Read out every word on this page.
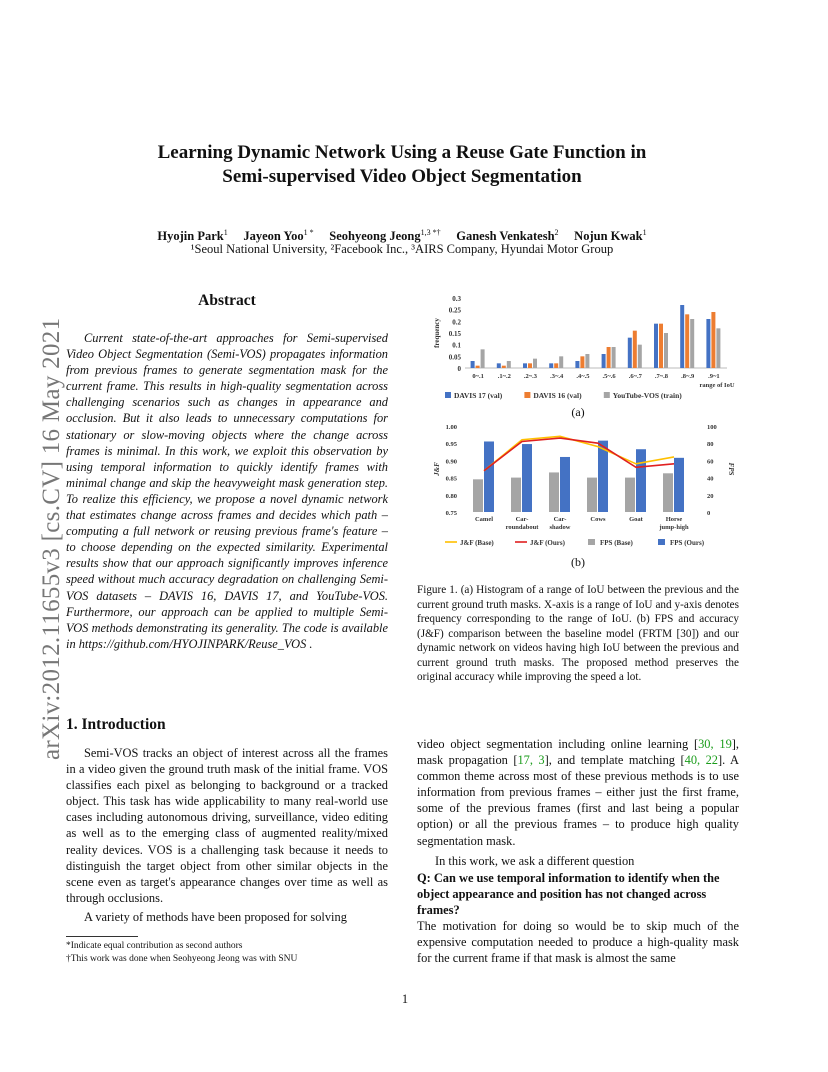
arXiv:2012.11655v3 [cs.CV] 16 May 2021
Learning Dynamic Network Using a Reuse Gate Function in
Semi-supervised Video Object Segmentation
Hyojin Park$^1$ Jayeon Yoo$^{1 *}$ Seohyeong Jeong$^{1,3 *\dagger}$ Ganesh Venkatesh$^2$ Nojun Kwak$^1$
¹Seoul National University, ²Facebook Inc., ³AIRS Company, Hyundai Motor Group
Abstract
Current state-of-the-art approaches for Semi-supervised Video Object Segmentation (Semi-VOS) propagates information from previous frames to generate segmentation mask for the current frame. This results in high-quality segmentation across challenging scenarios such as changes in appearance and occlusion. But it also leads to unnecessary computations for stationary or slow-moving objects where the change across frames is minimal. In this work, we exploit this observation by using temporal information to quickly identify frames with minimal change and skip the heavyweight mask generation step. To realize this efficiency, we propose a novel dynamic network that estimates change across frames and decides which path – computing a full network or reusing previous frame's feature – to choose depending on the expected similarity. Experimental results show that our approach significantly improves inference speed without much accuracy degradation on challenging Semi-VOS datasets – DAVIS 16, DAVIS 17, and YouTube-VOS. Furthermore, our approach can be applied to multiple Semi-VOS methods demonstrating its generality. The code is available in https://github.com/HYOJINPARK/Reuse_VOS .
1. Introduction
Semi-VOS tracks an object of interest across all the frames in a video given the ground truth mask of the initial frame. VOS classifies each pixel as belonging to background or a tracked object. This task has wide applicability to many real-world use cases including autonomous driving, surveillance, video editing as well as to the emerging class of augmented reality/mixed reality devices. VOS is a challenging task because it needs to distinguish the target object from other similar objects in the scene even as target's appearance changes over time as well as through occlusions.
A variety of methods have been proposed for solving
*Indicate equal contribution as second authors
†This work was done when Seohyeong Jeong was with SNU
0
0.05
0.1
0.15
0.2
0.25
0.3
frequency
0~.1 .1~.2 .2~.3 .3~.4 .4~.5 .5~.6 .6~.7 .7~.8 .8~.9 .9~1
range of IoU
DAVIS 17 (val)	DAVIS 16 (val)	YouTube-VOS (train)
(a)
0.75
0.80
0.85
0.90
0.95
1.00
0
20
40
60
80
100
J&F	FPS
Camel	Car-
roundabout
Car-
shadow
Cows	Goat	Horse
jump-high
J&F (Base)	J&F (Ours)	FPS (Base)	FPS (Ours)
(b)
Figure 1. (a) Histogram of a range of IoU between the previous and the current ground truth masks. X-axis is a range of IoU and y-axis denotes frequency corresponding to the range of IoU. (b) FPS and accuracy (J&F) comparison between the baseline model (FRTM [30]) and our dynamic network on videos having high IoU between the previous and current ground truth masks. The proposed method preserves the original accuracy while improving the speed a lot.
video object segmentation including online learning [30, 19], mask propagation [17, 3], and template matching [40, 22]. A common theme across most of these previous methods is to use information from previous frames – either just the first frame, some of the previous frames (first and last being a popular option) or all the previous frames – to produce high quality segmentation mask.
In this work, we ask a different question
Q: Can we use temporal information to identify when the object appearance and position has not changed across frames?
The motivation for doing so would be to skip much of the expensive computation needed to produce a high-quality mask for the current frame if that mask is almost the same
1
